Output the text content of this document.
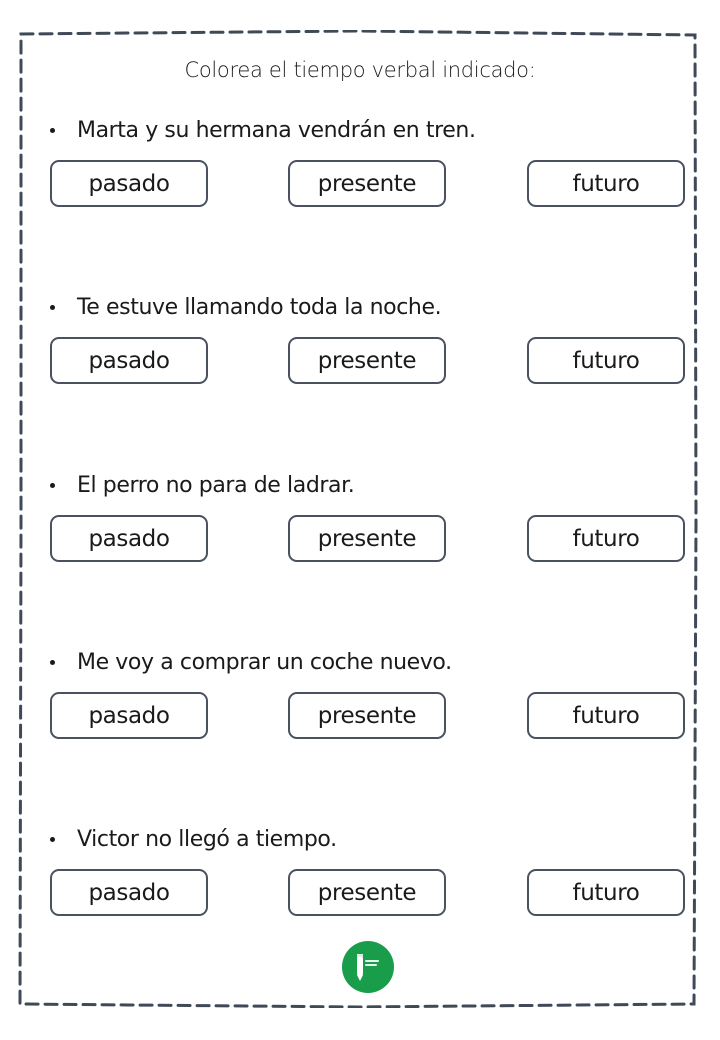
Colorea el tiempo verbal indicado:
Marta y su hermana vendrán en tren.
pasado	presente	futuro
Te estuve llamando toda la noche.
pasado	presente	futuro
El perro no para de ladrar.
pasado	presente	futuro
Me voy a comprar un coche nuevo.
pasado	presente	futuro
Victor no llegó a tiempo.
pasado	presente	futuro
